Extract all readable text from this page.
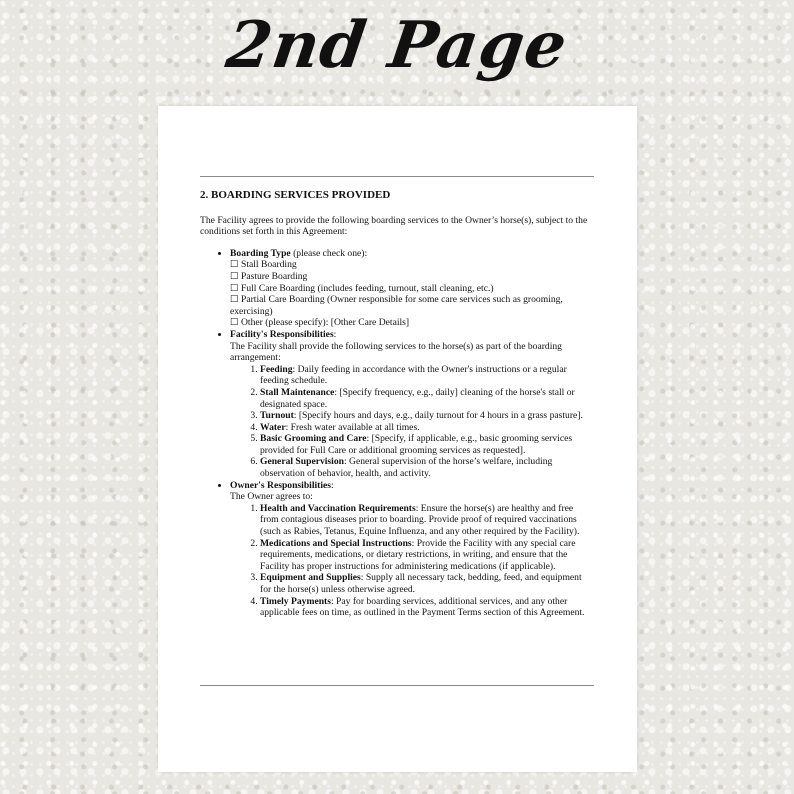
2nd Page
2. BOARDING SERVICES PROVIDED
The Facility agrees to provide the following boarding services to the Owner’s horse(s), subject to the conditions set forth in this Agreement:
• Boarding Type (please check one):
☐ Stall Boarding
☐ Pasture Boarding
☐ Full Care Boarding (includes feeding, turnout, stall cleaning, etc.)
☐ Partial Care Boarding (Owner responsible for some care services such as grooming, exercising)
☐ Other (please specify): [Other Care Details]
• Facility's Responsibilities:
The Facility shall provide the following services to the horse(s) as part of the boarding arrangement:
1. Feeding: Daily feeding in accordance with the Owner's instructions or a regular feeding schedule.
2. Stall Maintenance: [Specify frequency, e.g., daily] cleaning of the horse's stall or designated space.
3. Turnout: [Specify hours and days, e.g., daily turnout for 4 hours in a grass pasture].
4. Water: Fresh water available at all times.
5. Basic Grooming and Care: [Specify, if applicable, e.g., basic grooming services provided for Full Care or additional grooming services as requested].
6. General Supervision: General supervision of the horse’s welfare, including observation of behavior, health, and activity.
• Owner's Responsibilities:
The Owner agrees to:
1. Health and Vaccination Requirements: Ensure the horse(s) are healthy and free from contagious diseases prior to boarding. Provide proof of required vaccinations (such as Rabies, Tetanus, Equine Influenza, and any other required by the Facility).
2. Medications and Special Instructions: Provide the Facility with any special care requirements, medications, or dietary restrictions, in writing, and ensure that the Facility has proper instructions for administering medications (if applicable).
3. Equipment and Supplies: Supply all necessary tack, bedding, feed, and equipment for the horse(s) unless otherwise agreed.
4. Timely Payments: Pay for boarding services, additional services, and any other applicable fees on time, as outlined in the Payment Terms section of this Agreement.
